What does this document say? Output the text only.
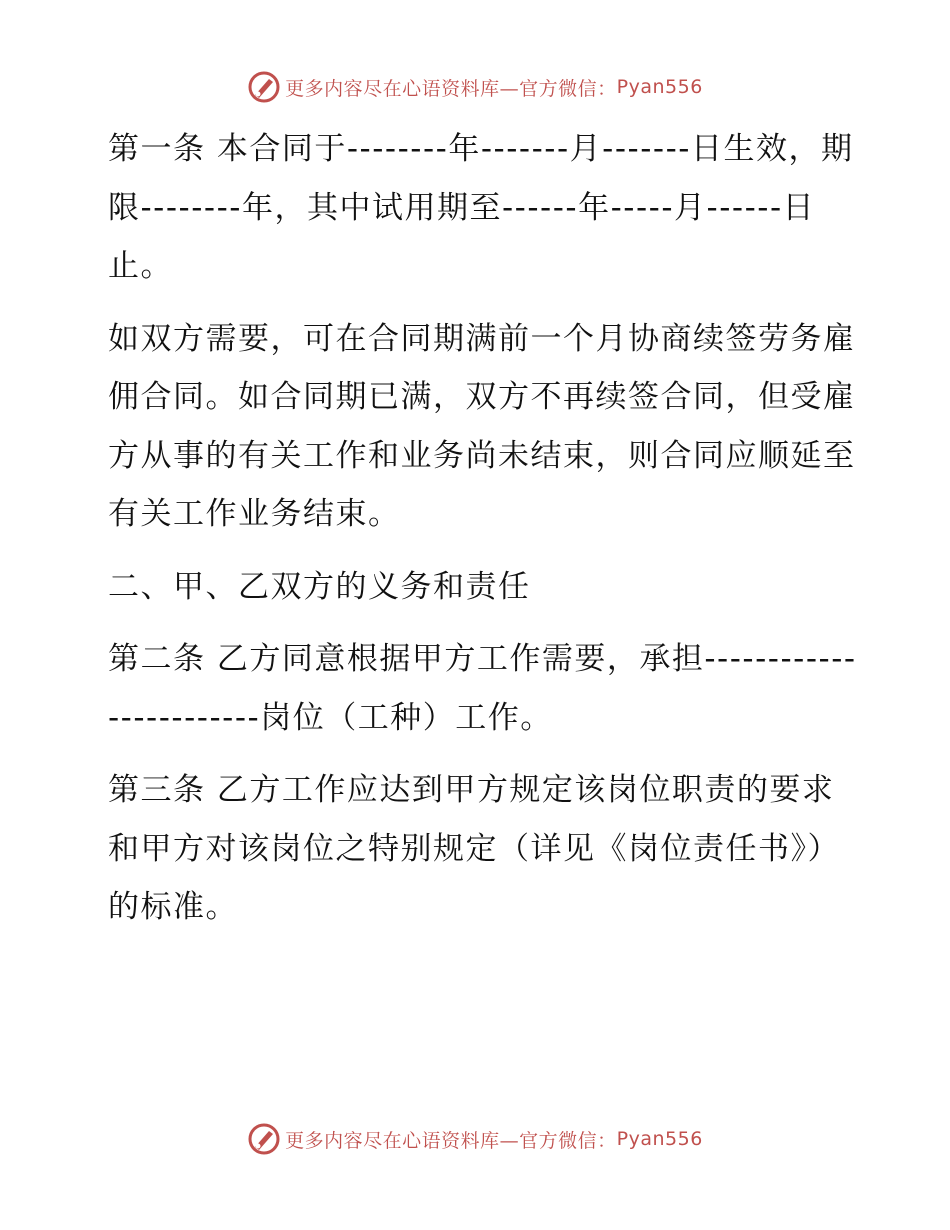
更多内容尽在心语资料库—官方微信： Pyan556

第一条 本合同于--------年-------月-------日生效，期限--------年，其中试用期至------年-----月------日止。

如双方需要，可在合同期满前一个月协商续签劳务雇佣合同。如合同期已满，双方不再续签合同，但受雇方从事的有关工作和业务尚未结束，则合同应顺延至有关工作业务结束。

二、甲、乙双方的义务和责任

第二条 乙方同意根据甲方工作需要，承担------------------------岗位（工种）工作。

第三条 乙方工作应达到甲方规定该岗位职责的要求和甲方对该岗位之特别规定（详见《岗位责任书》）的标准。

更多内容尽在心语资料库—官方微信： Pyan556
